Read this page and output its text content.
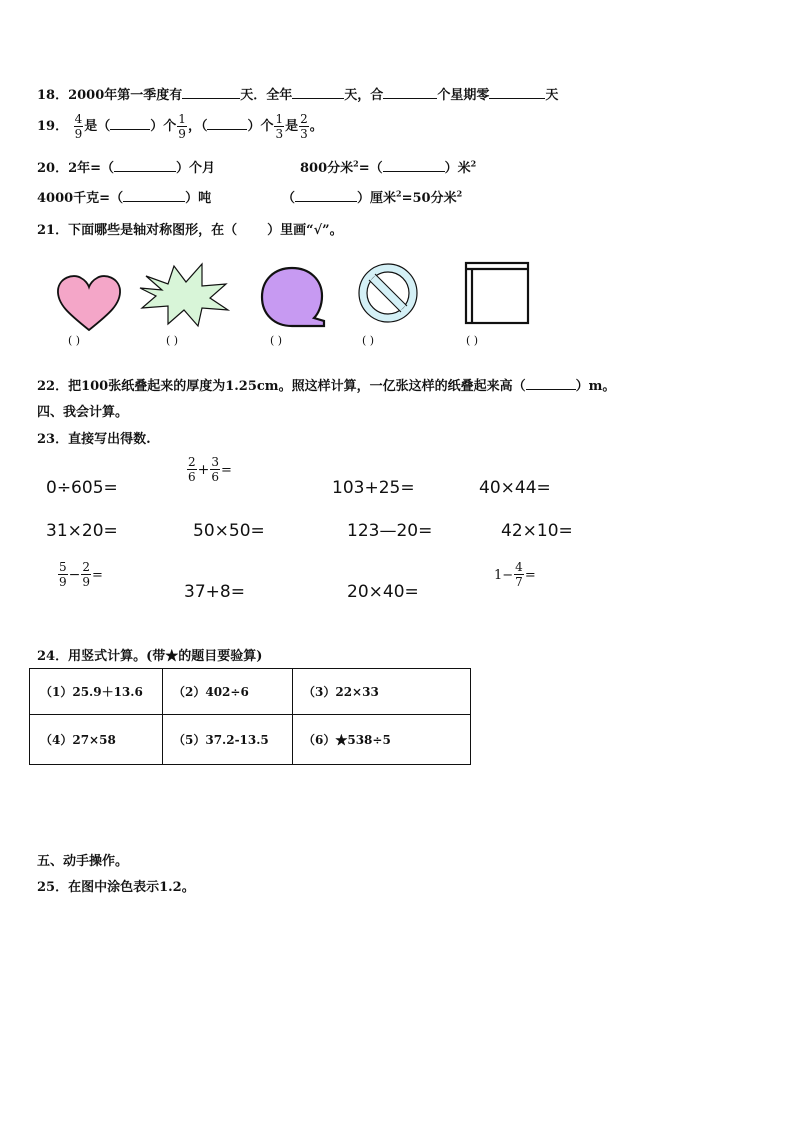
18．2000年第一季度有	天．全年	天，合	个星期零	天
19． $\frac{4}{9}$ 是（	）个 $\frac{1}{9}$ ，（	）个 $\frac{1}{3}$ 是 $\frac{2}{3}$ 。
20．2年=（	）个月	800分米$^2$=（	）米$^2$
4000千克=（	）吨	（	）厘米$^2$=50分米$^2$
21．下面哪些是轴对称图形，在（ ）里画“√”。
( )	( )	( )	( )	( )
22．把100张纸叠起来的厚度为1.25cm。照这样计算，一亿张这样的纸叠起来高（	）m。
四、我会计算。
23．直接写出得数.
$\frac{2}{6} + \frac{3}{6}$ =
0÷605=	103+25=	40×44=
31×20=	50×50=	123—20=	42×10=
$\frac{5}{9} - \frac{2}{9}$ =
37+8=	20×40=
$1- \frac{4}{7}$ =
24．用竖式计算。(带★的题目要验算)
（1）25.9＋13.6	（2）402÷6	（3）22×33
（4）27×58	（5）37.2-13.5	（6）★538÷5
五、动手操作。
25．在图中涂色表示1.2。
